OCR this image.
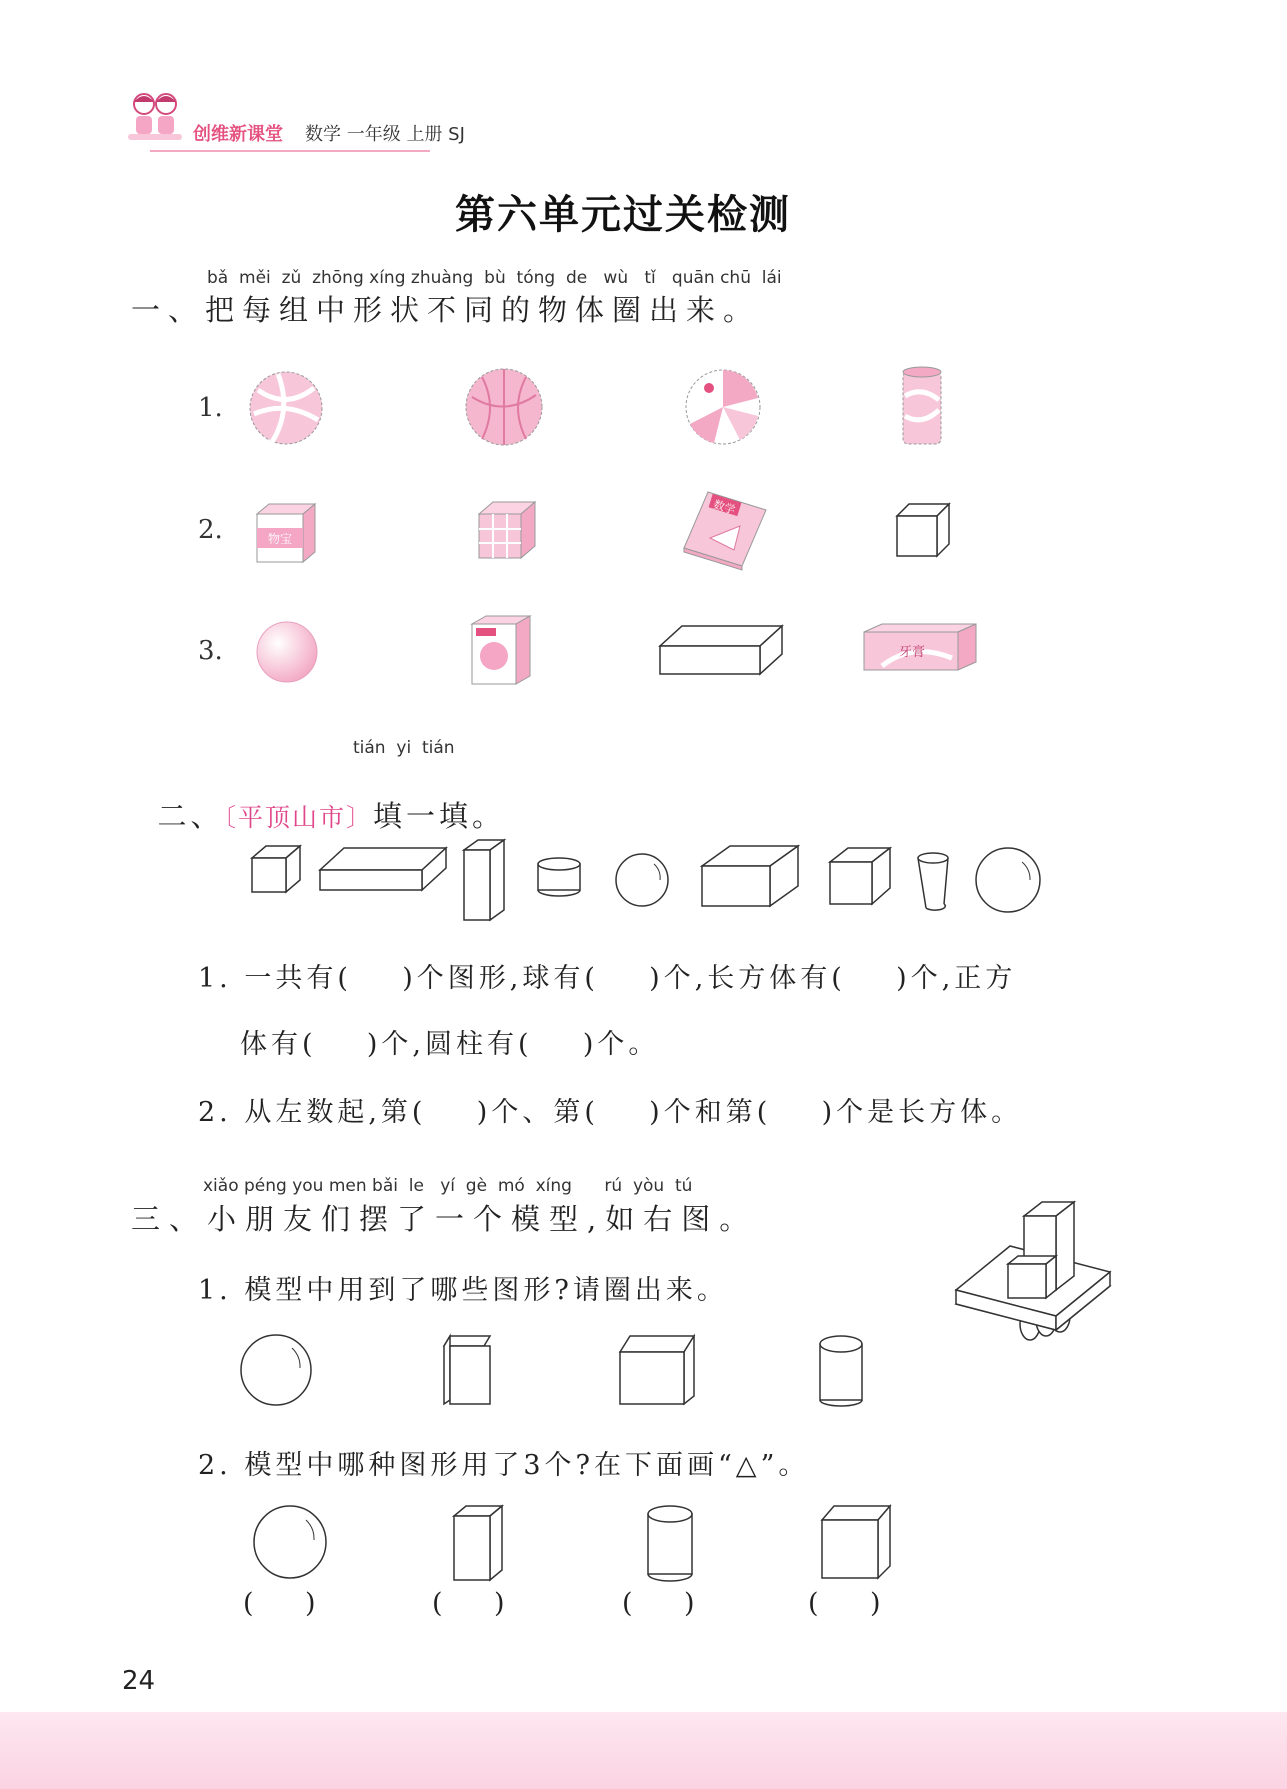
创维新课堂 数学 一年级 上册 SJ
第六单元过关检测
bǎ  měi  zǔ  zhōng xíng zhuàng  bù  tóng  de   wù   tǐ   quān chū  lái
一、把每组中形状不同的物体圈出来。
1.
2.
3.
物宝
数学
牙膏
tián  yi  tián

二、〔平顶山市〕填一填。

1. 一共有(    )个图形,球有(    )个,长方体有(    )个,正方
体有(    )个,圆柱有(    )个。
2. 从左数起,第(    )个、第(    )个和第(    )个是长方体。
xiǎo péng you men bǎi  le   yí  gè  mó  xíng      rú  yòu  tú
三、小朋友们摆了一个模型,如右图。
1. 模型中用到了哪些图形?请圈出来。
2. 模型中哪种图形用了3个?在下面画“△”。
(      )	(      )	(      )	(      )
24
